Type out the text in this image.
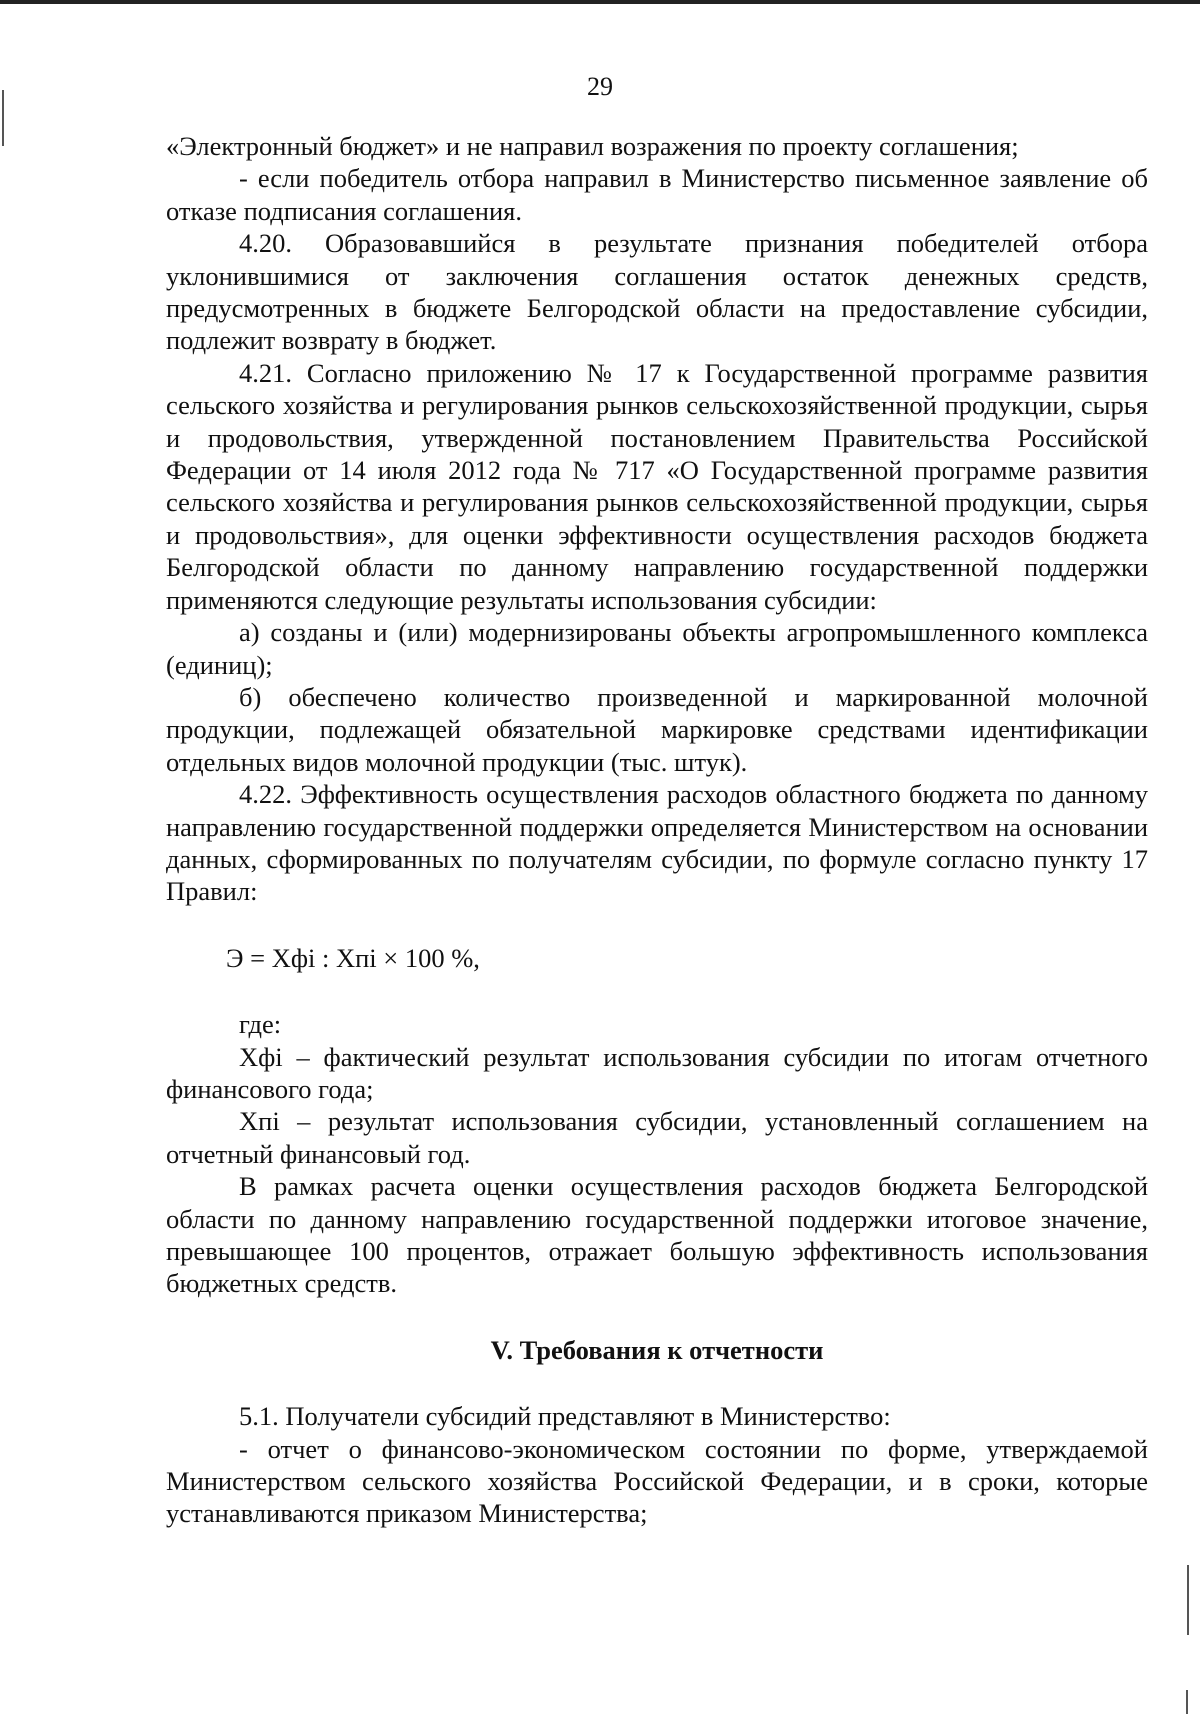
29

«Электронный бюджет» и не направил возражения по проекту соглашения;

- если победитель отбора направил в Министерство письменное заявление об отказе подписания соглашения.

4.20. Образовавшийся в результате признания победителей отбора уклонившимися от заключения соглашения остаток денежных средств, предусмотренных в бюджете Белгородской области на предоставление субсидии, подлежит возврату в бюджет.

4.21. Согласно приложению № 17 к Государственной программе развития сельского хозяйства и регулирования рынков сельскохозяйственной продукции, сырья и продовольствия, утвержденной постановлением Правительства Российской Федерации от 14 июля 2012 года № 717 «О Государственной программе развития сельского хозяйства и регулирования рынков сельскохозяйственной продукции, сырья и продовольствия», для оценки эффективности осуществления расходов бюджета Белгородской области по данному направлению государственной поддержки применяются следующие результаты использования субсидии:

а) созданы и (или) модернизированы объекты агропромышленного комплекса (единиц);

б) обеспечено количество произведенной и маркированной молочной продукции, подлежащей обязательной маркировке средствами идентификации отдельных видов молочной продукции (тыс. штук).

4.22. Эффективность осуществления расходов областного бюджета по данному направлению государственной поддержки определяется Министерством на основании данных, сформированных по получателям субсидии, по формуле согласно пункту 17 Правил:

Э = Хфi : Хпi × 100 %,

где:

Хфi – фактический результат использования субсидии по итогам отчетного финансового года;

Хпi – результат использования субсидии, установленный соглашением на отчетный финансовый год.

В рамках расчета оценки осуществления расходов бюджета Белгородской области по данному направлению государственной поддержки итоговое значение, превышающее 100 процентов, отражает большую эффективность использования бюджетных средств.

V. Требования к отчетности

5.1. Получатели субсидий представляют в Министерство:

- отчет о финансово-экономическом состоянии по форме, утверждаемой Министерством сельского хозяйства Российской Федерации, и в сроки, которые устанавливаются приказом Министерства;
